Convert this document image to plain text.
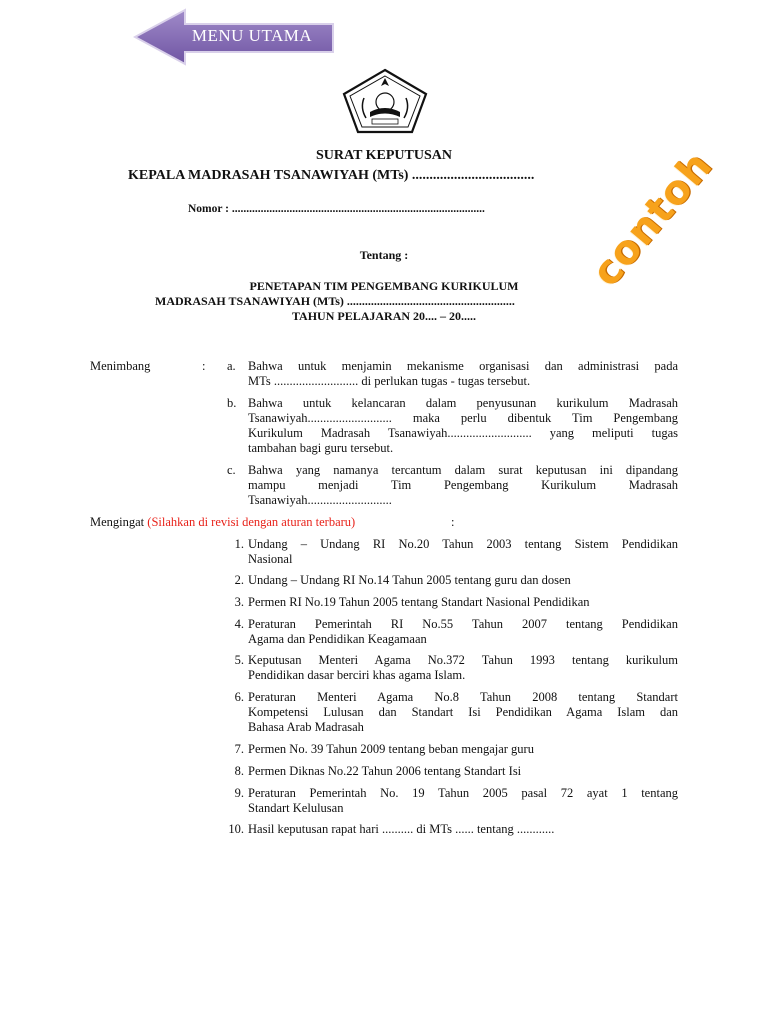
MENU UTAMA
SURAT KEPUTUSAN
KEPALA MADRASAH TSANAWIYAH (MTs) ...................................
Nomor : ........................................................................................
Tentang :
PENETAPAN TIM PENGEMBANG KURIKULUM
MADRASAH TSANAWIYAH (MTs) ........................................................
TAHUN PELAJARAN 20.... – 20.....
contoh
Menimbang	: a. Bahwa untuk menjamin mekanisme organisasi dan administrasi pada
MTs ........................... di perlukan tugas - tugas tersebut.
b. Bahwa untuk kelancaran dalam penyusunan kurikulum Madrasah
Tsanawiyah........................... maka perlu dibentuk Tim Pengembang
Kurikulum Madrasah Tsanawiyah........................... yang meliputi tugas
tambahan bagi guru tersebut.
c. Bahwa yang namanya tercantum dalam surat keputusan ini dipandang
mampu menjadi Tim Pengembang Kurikulum Madrasah
Tsanawiyah...........................
Mengingat (Silahkan di revisi dengan aturan terbaru)	:
1. Undang – Undang RI No.20 Tahun 2003 tentang Sistem Pendidikan
Nasional
2. Undang – Undang RI No.14 Tahun 2005 tentang guru dan dosen
3. Permen RI No.19 Tahun 2005 tentang Standart Nasional Pendidikan
4. Peraturan Pemerintah RI No.55 Tahun 2007 tentang Pendidikan
Agama dan Pendidikan Keagamaan
5. Keputusan Menteri Agama No.372 Tahun 1993 tentang kurikulum
Pendidikan dasar berciri khas agama Islam.
6. Peraturan Menteri Agama No.8 Tahun 2008 tentang Standart
Kompetensi Lulusan dan Standart Isi Pendidikan Agama Islam dan
Bahasa Arab Madrasah
7. Permen No. 39 Tahun 2009 tentang beban mengajar guru
8. Permen Diknas No.22 Tahun 2006 tentang Standart Isi
9. Peraturan Pemerintah No. 19 Tahun 2005 pasal 72 ayat 1 tentang
Standart Kelulusan
10. Hasil keputusan rapat hari .......... di MTs ...... tentang ............
